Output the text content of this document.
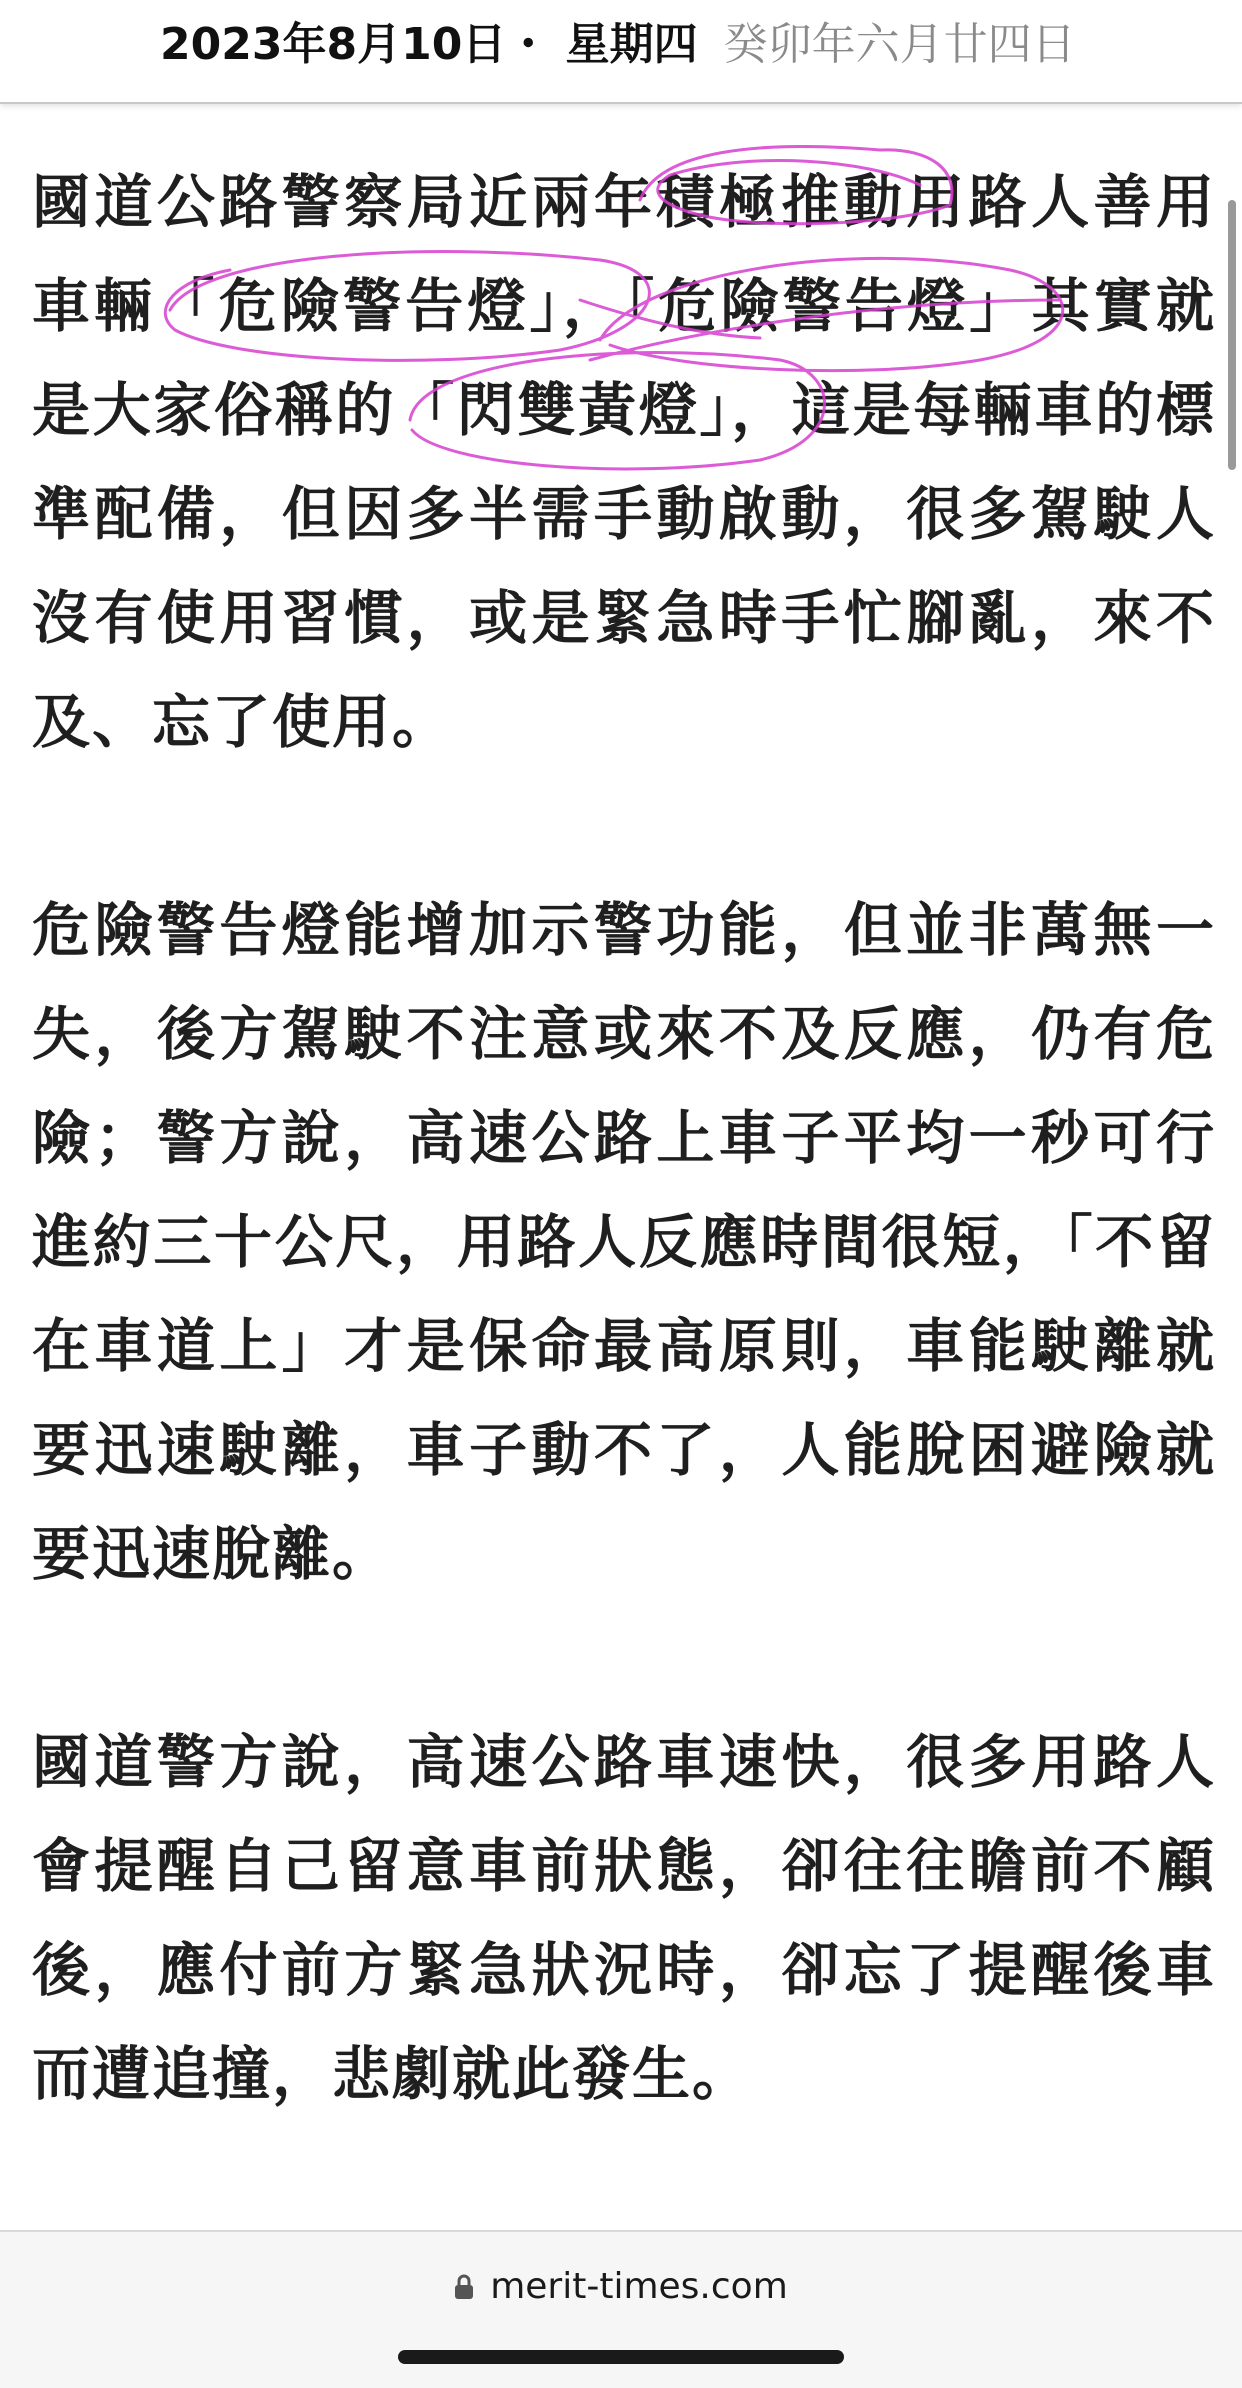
2023年8月10日・ 星期四 癸卯年六月廿四日

國道公路警察局近兩年積極推動用路人善用車輛「危險警告燈」，「危險警告燈」其實就是大家俗稱的「閃雙黃燈」，這是每輛車的標準配備，但因多半需手動啟動，很多駕駛人沒有使用習慣，或是緊急時手忙腳亂，來不及、忘了使用。

危險警告燈能增加示警功能，但並非萬無一失，後方駕駛不注意或來不及反應，仍有危險；警方說，高速公路上車子平均一秒可行進約三十公尺，用路人反應時間很短，「不留在車道上」才是保命最高原則，車能駛離就要迅速駛離，車子動不了，人能脫困避險就要迅速脫離。

國道警方說，高速公路車速快，很多用路人會提醒自己留意車前狀態，卻往往瞻前不顧後，應付前方緊急狀況時，卻忘了提醒後車而遭追撞，悲劇就此發生。

merit-times.com
